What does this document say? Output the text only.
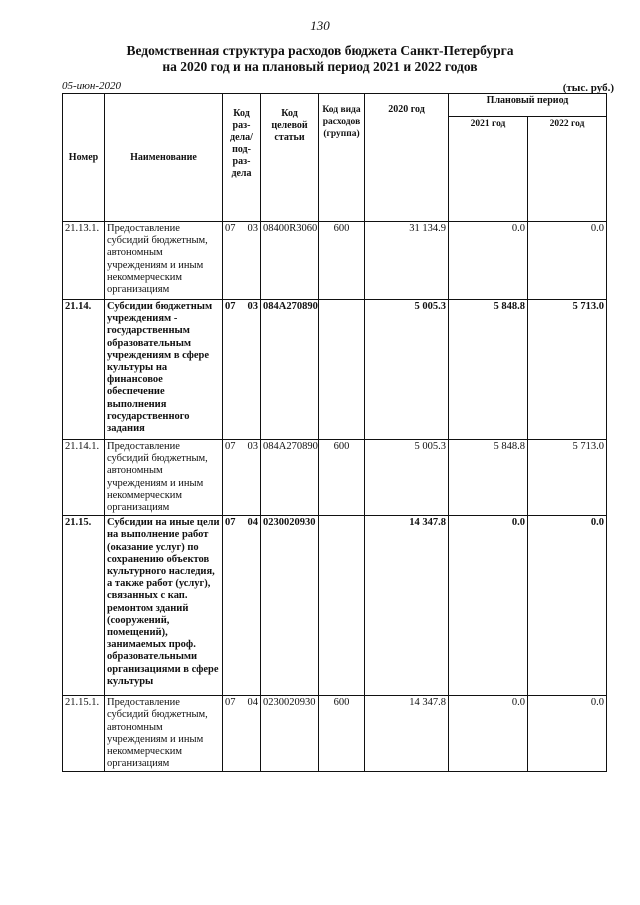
130
Ведомственная структура расходов бюджета Санкт-Петербурга
на 2020 год и на плановый период 2021 и 2022 годов
05-июн-2020	(тыс. руб.)
Номер	Наименование	Код раз-дела/ под-раз-дела	Код целевой статьи	Код вида расходов (группа)	2020 год	Плановый период	
						2021 год	2022 год
21.13.1.	Предоставление субсидий бюджетным, автономным учреждениям и иным некоммерческим организациям	07 03	08400R3060	600	31 134.9	0.0	0.0
21.14.	Субсидии бюджетным учреждениям - государственным образовательным учреждениям в сфере культуры на финансовое обеспечение выполнения государственного задания	07 03	084A270890		5 005.3	5 848.8	5 713.0
21.14.1.	Предоставление субсидий бюджетным, автономным учреждениям и иным некоммерческим организациям	07 03	084A270890	600	5 005.3	5 848.8	5 713.0
21.15.	Субсидии на иные цели на выполнение работ (оказание услуг) по сохранению объектов культурного наследия, а также работ (услуг), связанных с кап. ремонтом зданий (сооружений, помещений), занимаемых проф. образовательными организациями в сфере культуры	07 04	0230020930		14 347.8	0.0	0.0
21.15.1.	Предоставление субсидий бюджетным, автономным учреждениям и иным некоммерческим организациям	07 04	0230020930	600	14 347.8	0.0	0.0
